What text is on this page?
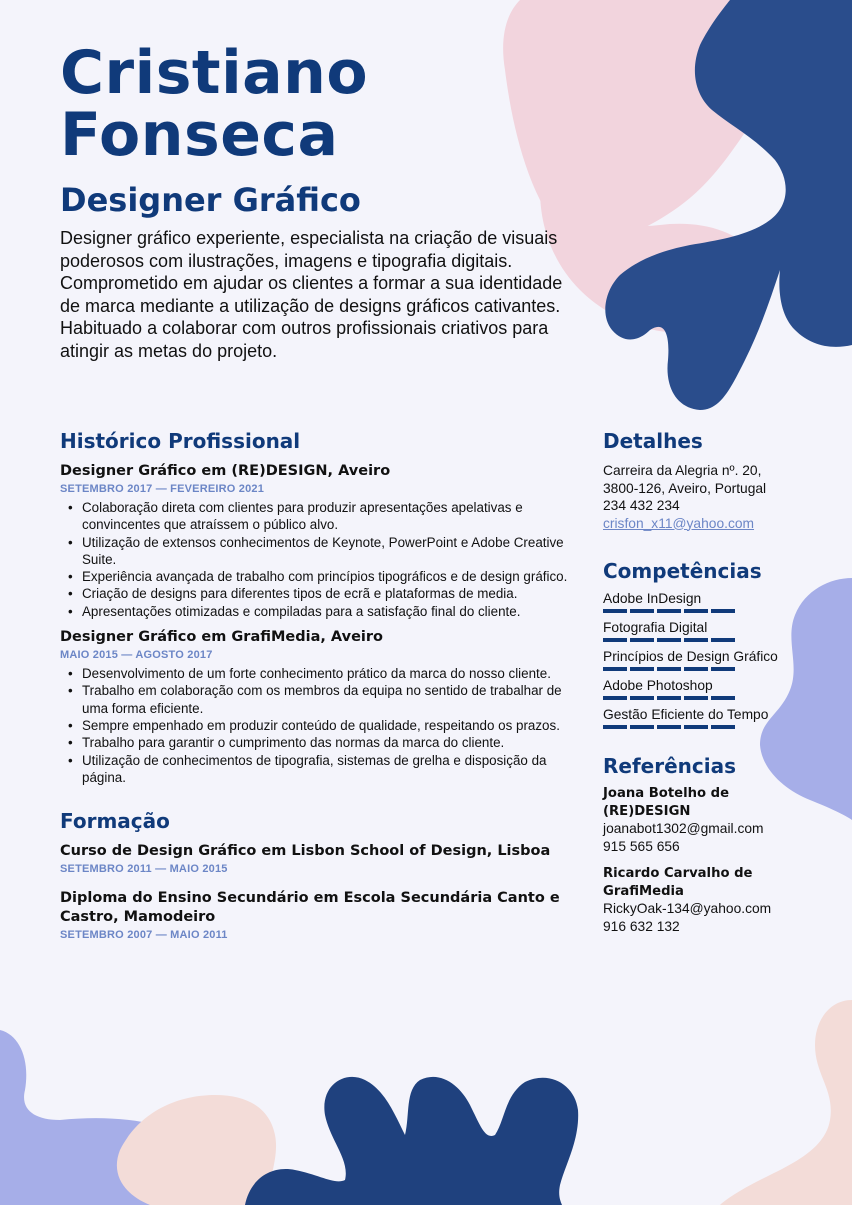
Cristiano
Fonseca
Designer Gráfico

Designer gráfico experiente, especialista na criação de visuais poderosos com ilustrações, imagens e tipografia digitais. Comprometido em ajudar os clientes a formar a sua identidade de marca mediante a utilização de designs gráficos cativantes. Habituado a colaborar com outros profissionais criativos para atingir as metas do projeto.

Histórico Profissional

Designer Gráfico em (RE)DESIGN, Aveiro

SETEMBRO 2017 — FEVEREIRO 2021

• Colaboração direta com clientes para produzir apresentações apelativas e convincentes que atraíssem o público alvo.
• Utilização de extensos conhecimentos de Keynote, PowerPoint e Adobe Creative Suite.
• Experiência avançada de trabalho com princípios tipográficos e de design gráfico.
• Criação de designs para diferentes tipos de ecrã e plataformas de media.
• Apresentações otimizadas e compiladas para a satisfação final do cliente.

Designer Gráfico em GrafiMedia, Aveiro

MAIO 2015 — AGOSTO 2017

• Desenvolvimento de um forte conhecimento prático da marca do nosso cliente.
• Trabalho em colaboração com os membros da equipa no sentido de trabalhar de uma forma eficiente.
• Sempre empenhado em produzir conteúdo de qualidade, respeitando os prazos.
• Trabalho para garantir o cumprimento das normas da marca do cliente.
• Utilização de conhecimentos de tipografia, sistemas de grelha e disposição da página.
Formação

Curso de Design Gráfico em Lisbon School of Design, Lisboa

SETEMBRO 2011 — MAIO 2015

Diploma do Ensino Secundário em Escola Secundária Canto e Castro, Mamodeiro

SETEMBRO 2007 — MAIO 2011

Detalhes

Carreira da Alegria nº. 20,

3800-126, Aveiro, Portugal

234 432 234

crisfon_x11@yahoo.com

Competências
Adobe InDesign
Fotografia Digital
Princípios de Design Gráfico
Adobe Photoshop
Gestão Eficiente do Tempo
Referências

Joana Botelho de (RE)DESIGN

joanabot1302@gmail.com

915 565 656

Ricardo Carvalho de GrafiMedia

RickyOak-134@yahoo.com

916 632 132
